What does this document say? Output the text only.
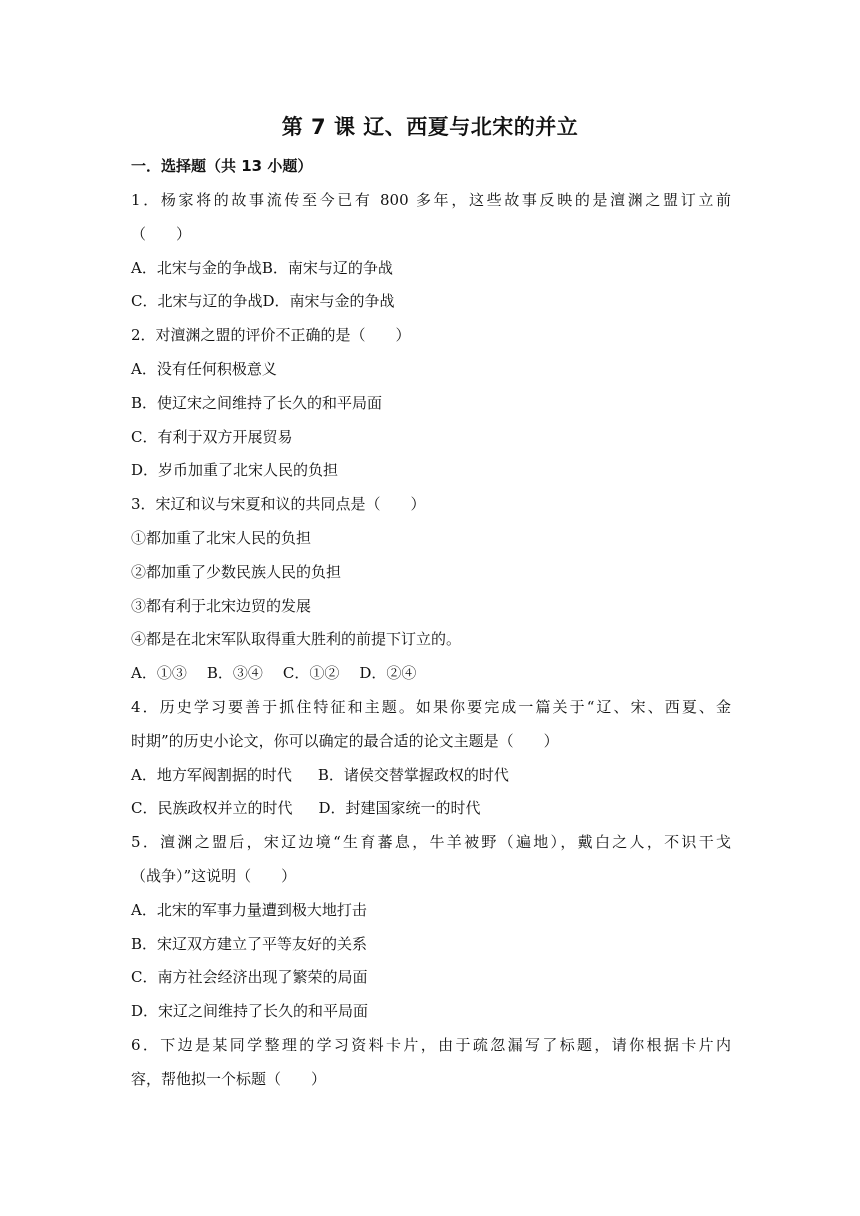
第 7 课 辽、西夏与北宋的并立
一．选择题（共 13 小题）
1．杨家将的故事流传至今已有 800 多年，这些故事反映的是澶渊之盟订立前
（　　）
A．北宋与金的争战B．南宋与辽的争战
C．北宋与辽的争战D．南宋与金的争战
2．对澶渊之盟的评价不正确的是（　　）
A．没有任何积极意义
B．使辽宋之间维持了长久的和平局面
C．有利于双方开展贸易
D．岁币加重了北宋人民的负担
3．宋辽和议与宋夏和议的共同点是（　　）
①都加重了北宋人民的负担
②都加重了少数民族人民的负担
③都有利于北宋边贸的发展
④都是在北宋军队取得重大胜利的前提下订立的。
A．①③ B．③④ C．①② D．②④
4．历史学习要善于抓住特征和主题。如果你要完成一篇关于“辽、宋、西夏、金
时期”的历史小论文，你可以确定的最合适的论文主题是（　　）
A．地方军阀割据的时代 B．诸侯交替掌握政权的时代
C．民族政权并立的时代 D．封建国家统一的时代
5．澶渊之盟后，宋辽边境“生育蕃息，牛羊被野（遍地），戴白之人，不识干戈
（战争）”这说明（　　）
A．北宋的军事力量遭到极大地打击
B．宋辽双方建立了平等友好的关系
C．南方社会经济出现了繁荣的局面
D．宋辽之间维持了长久的和平局面
6．下边是某同学整理的学习资料卡片，由于疏忽漏写了标题，请你根据卡片内
容，帮他拟一个标题（　　）
